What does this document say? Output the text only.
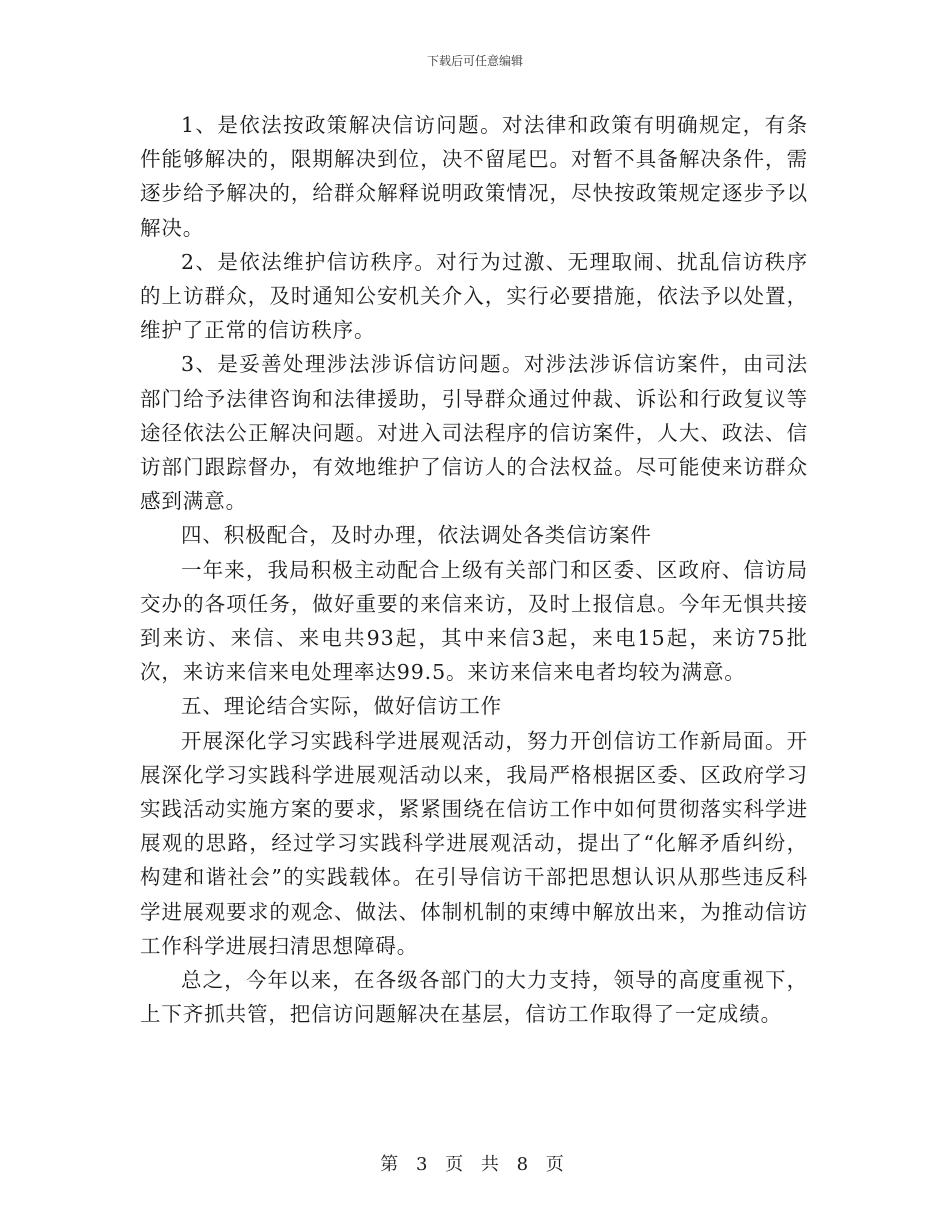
下载后可任意编辑

1、是依法按政策解决信访问题。对法律和政策有明确规定，有条件能够解决的，限期解决到位，决不留尾巴。对暂不具备解决条件，需逐步给予解决的，给群众解释说明政策情况，尽快按政策规定逐步予以解决。

2、是依法维护信访秩序。对行为过激、无理取闹、扰乱信访秩序的上访群众，及时通知公安机关介入，实行必要措施，依法予以处置，维护了正常的信访秩序。

3、是妥善处理涉法涉诉信访问题。对涉法涉诉信访案件，由司法部门给予法律咨询和法律援助，引导群众通过仲裁、诉讼和行政复议等途径依法公正解决问题。对进入司法程序的信访案件，人大、政法、信访部门跟踪督办，有效地维护了信访人的合法权益。尽可能使来访群众感到满意。

四、积极配合，及时办理，依法调处各类信访案件

一年来，我局积极主动配合上级有关部门和区委、区政府、信访局交办的各项任务，做好重要的来信来访，及时上报信息。今年无惧共接到来访、来信、来电共93起，其中来信3起，来电15起，来访75批次，来访来信来电处理率达99.5。来访来信来电者均较为满意。

五、理论结合实际，做好信访工作

开展深化学习实践科学进展观活动，努力开创信访工作新局面。开展深化学习实践科学进展观活动以来，我局严格根据区委、区政府学习实践活动实施方案的要求，紧紧围绕在信访工作中如何贯彻落实科学进展观的思路，经过学习实践科学进展观活动，提出了“化解矛盾纠纷，构建和谐社会”的实践载体。在引导信访干部把思想认识从那些违反科学进展观要求的观念、做法、体制机制的束缚中解放出来，为推动信访工作科学进展扫清思想障碍。

总之，今年以来，在各级各部门的大力支持，领导的高度重视下，上下齐抓共管，把信访问题解决在基层，信访工作取得了一定成绩。

第 3 页 共 8 页
